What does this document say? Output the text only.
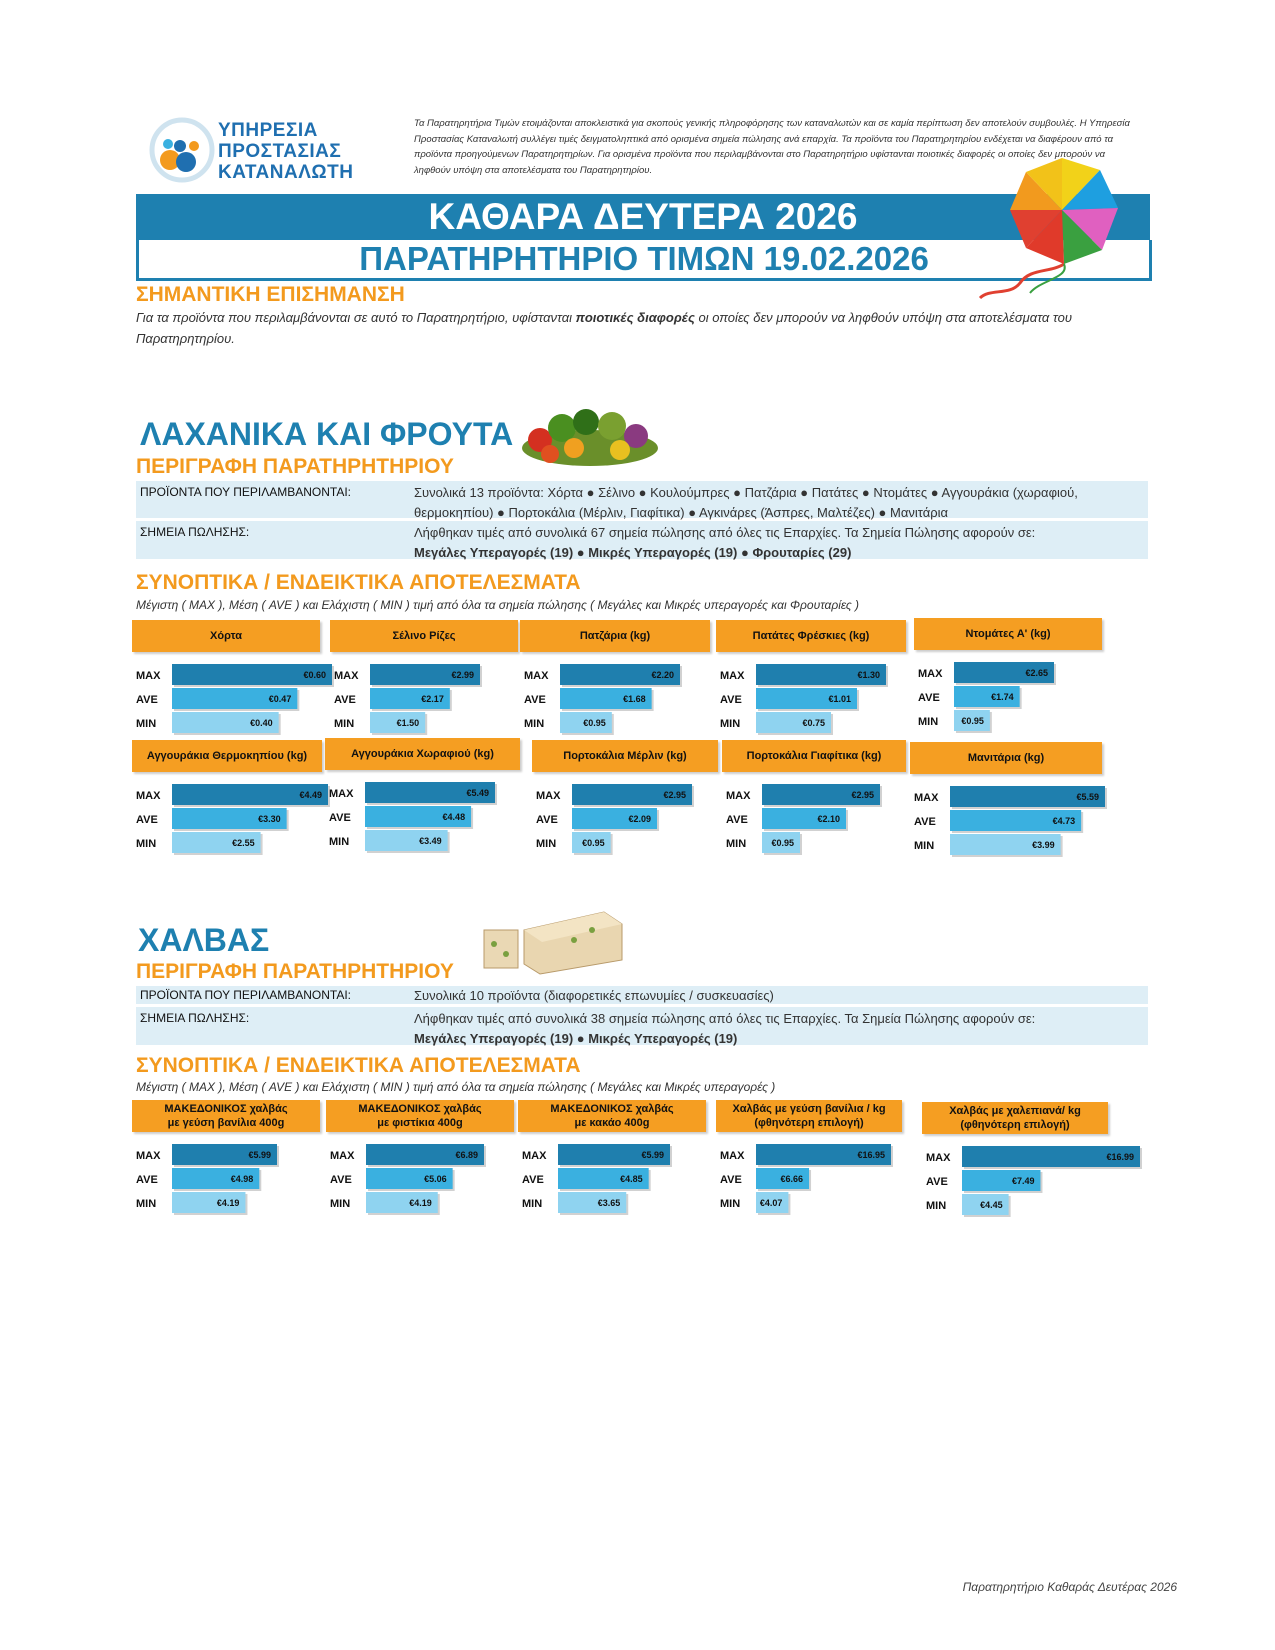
ΥΠΗΡΕΣΙΑ
ΠΡΟΣΤΑΣΙΑΣ
ΚΑΤΑΝΑΛΩΤΗ
Τα Παρατηρητήρια Τιμών ετοιμάζονται αποκλειστικά για σκοπούς γενικής πληροφόρησης των καταναλωτών και σε καμία περίπτωση δεν αποτελούν συμβουλές. Η Υπηρεσία Προστασίας Καταναλωτή συλλέγει τιμές δειγματοληπτικά από ορισμένα σημεία πώλησης ανά επαρχία. Τα προϊόντα του Παρατηρητηρίου ενδέχεται να διαφέρουν από τα προϊόντα προηγούμενων Παρατηρητηρίων. Για ορισμένα προϊόντα που περιλαμβάνονται στο Παρατηρητήριο υφίστανται ποιοτικές διαφορές οι οποίες δεν μπορούν να ληφθούν υπόψη στα αποτελέσματα του Παρατηρητηρίου.
ΚΑΘΑΡΑ ΔΕΥΤΕΡΑ 2026
ΠΑΡΑΤΗΡΗΤΗΡΙΟ ΤΙΜΩΝ 19.02.2026
ΣΗΜΑΝΤΙΚΗ ΕΠΙΣΗΜΑΝΣΗ
Για τα προϊόντα που περιλαμβάνονται σε αυτό το Παρατηρητήριο, υφίστανται ποιοτικές διαφορές οι οποίες δεν μπορούν να ληφθούν υπόψη στα αποτελέσματα του Παρατηρητηρίου.
ΛΑΧΑΝΙΚΑ ΚΑΙ ΦΡΟΥΤΑ
ΠΕΡΙΓΡΑΦΗ ΠΑΡΑΤΗΡΗΤΗΡΙΟΥ
ΠΡΟΪΟΝΤΑ ΠΟΥ ΠΕΡΙΛΑΜΒΑΝΟΝΤΑΙ:	Συνολικά 13 προϊόντα: Χόρτα ● Σέλινο ● Κουλούμπρες ● Πατζάρια ● Πατάτες ● Ντομάτες ● Αγγουράκια (χωραφιού, θερμοκηπίου) ● Πορτοκάλια (Μέρλιν, Γιαφίτικα) ● Αγκινάρες (Άσπρες, Μαλτέζες) ● Μανιτάρια
ΣΗΜΕΙΑ ΠΩΛΗΣΗΣ:	Λήφθηκαν τιμές από συνολικά 67 σημεία πώλησης από όλες τις Επαρχίες. Τα Σημεία Πώλησης αφορούν σε:
Μεγάλες Υπεραγορές (19) ● Μικρές Υπεραγορές (19) ● Φρουταρίες (29)
ΣΥΝΟΠΤΙΚΑ / ΕΝΔΕΙΚΤΙΚΑ ΑΠΟΤΕΛΕΣΜΑΤΑ
Μέγιστη ( MAX ), Μέση ( AVE ) και Ελάχιστη ( MIN ) τιμή από όλα τα σημεία πώλησης ( Μεγάλες και Μικρές υπεραγορές και Φρουταρίες )
ΧΑΛΒΑΣ
ΠΕΡΙΓΡΑΦΗ ΠΑΡΑΤΗΡΗΤΗΡΙΟΥ
ΠΡΟΪΟΝΤΑ ΠΟΥ ΠΕΡΙΛΑΜΒΑΝΟΝΤΑΙ:	Συνολικά 10 προϊόντα (διαφορετικές επωνυμίες / συσκευασίες)
ΣΗΜΕΙΑ ΠΩΛΗΣΗΣ:	Λήφθηκαν τιμές από συνολικά 38 σημεία πώλησης από όλες τις Επαρχίες. Τα Σημεία Πώλησης αφορούν σε:
Μεγάλες Υπεραγορές (19) ● Μικρές Υπεραγορές (19)
ΣΥΝΟΠΤΙΚΑ / ΕΝΔΕΙΚΤΙΚΑ ΑΠΟΤΕΛΕΣΜΑΤΑ
Μέγιστη ( MAX ), Μέση ( AVE ) και Ελάχιστη ( MIN ) τιμή από όλα τα σημεία πώλησης ( Μεγάλες και Μικρές υπεραγορές )
Χόρτα
MAX	€0.60
AVE	€0.47
MIN	€0.40
Σέλινο Ρίζες
MAX	€2.99
AVE	€2.17
MIN	€1.50
Πατζάρια (kg)
MAX	€2.20
AVE	€1.68
MIN	€0.95
Πατάτες Φρέσκιες (kg)
MAX	€1.30
AVE	€1.01
MIN	€0.75
Ντομάτες Α' (kg)
MAX	€2.65
AVE	€1.74
MIN	€0.95
Αγγουράκια Θερμοκηπίου (kg)
MAX	€4.49
AVE	€3.30
MIN	€2.55
Αγγουράκια Χωραφιού (kg)
MAX	€5.49
AVE	€4.48
MIN	€3.49
Πορτοκάλια Μέρλιν (kg)
MAX	€2.95
AVE	€2.09
MIN	€0.95
Πορτοκάλια Γιαφίτικα (kg)
MAX	€2.95
AVE	€2.10
MIN	€0.95
Μανιτάρια (kg)
MAX	€5.59
AVE	€4.73
MIN	€3.99
ΜΑΚΕΔΟΝΙΚΟΣ χαλβάς
με γεύση βανίλια 400g
MAX	€5.99
AVE	€4.98
MIN	€4.19
ΜΑΚΕΔΟΝΙΚΟΣ χαλβάς
με φιστίκια 400g
MAX	€6.89
AVE	€5.06
MIN	€4.19
ΜΑΚΕΔΟΝΙΚΟΣ χαλβάς
με κακάο 400g
MAX	€5.99
AVE	€4.85
MIN	€3.65
Χαλβάς με γεύση βανίλια / kg
(φθηνότερη επιλογή)
MAX	€16.95
AVE	€6.66
MIN €4.07
Χαλβάς με χαλεπιανά/ kg
(φθηνότερη επιλογή)
MAX	€16.99
AVE	€7.49
MIN	€4.45
Παρατηρητήριο Καθαράς Δευτέρας 2026
